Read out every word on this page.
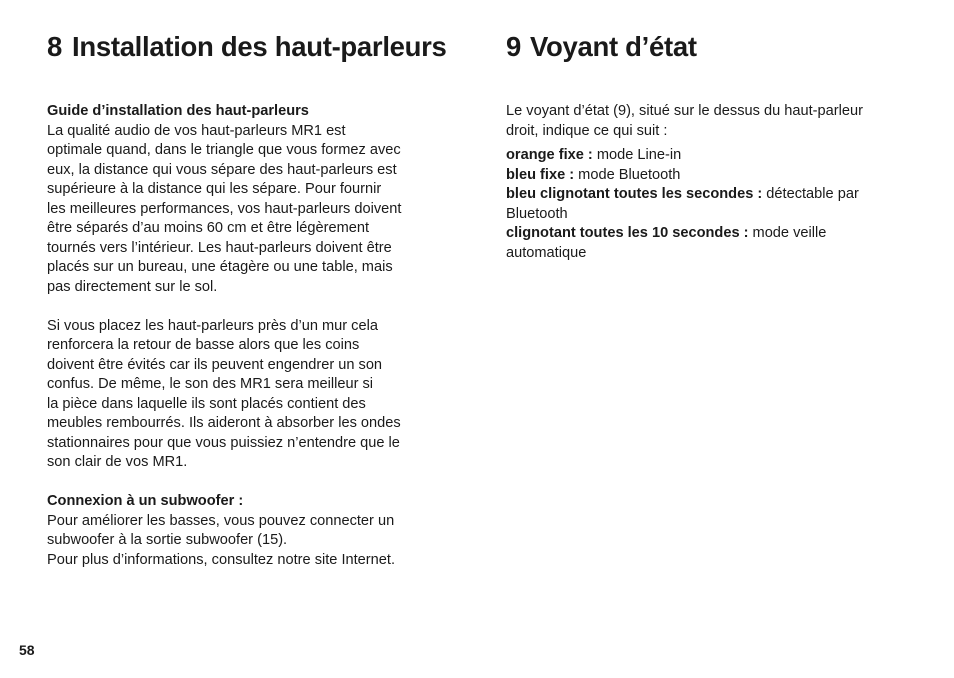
8 Installation des haut-parleurs

Guide d’installation des haut-parleurs

La qualité audio de vos haut-parleurs MR1 est

optimale quand, dans le triangle que vous formez avec

eux, la distance qui vous sépare des haut-parleurs est

supérieure à la distance qui les sépare. Pour fournir

les meilleures performances, vos haut-parleurs doivent

être séparés d’au moins 60 cm et être légèrement

tournés vers l’intérieur. Les haut-parleurs doivent être

placés sur un bureau, une étagère ou une table, mais

pas directement sur le sol.

Si vous placez les haut-parleurs près d’un mur cela

renforcera la retour de basse alors que les coins

doivent être évités car ils peuvent engendrer un son

confus. De même, le son des MR1 sera meilleur si

la pièce dans laquelle ils sont placés contient des

meubles rembourrés. Ils aideront à absorber les ondes

stationnaires pour que vous puissiez n’entendre que le

son clair de vos MR1.

Connexion à un subwoofer :

Pour améliorer les basses, vous pouvez connecter un

subwoofer à la sortie subwoofer (15).

Pour plus d’informations, consultez notre site Internet.

9 Voyant d’état

Le voyant d’état (9), situé sur le dessus du haut-parleur

droit, indique ce qui suit :

orange fixe : mode Line-in

bleu fixe : mode Bluetooth

bleu clignotant toutes les secondes : détectable par

Bluetooth

clignotant toutes les 10 secondes : mode veille

automatique

58
